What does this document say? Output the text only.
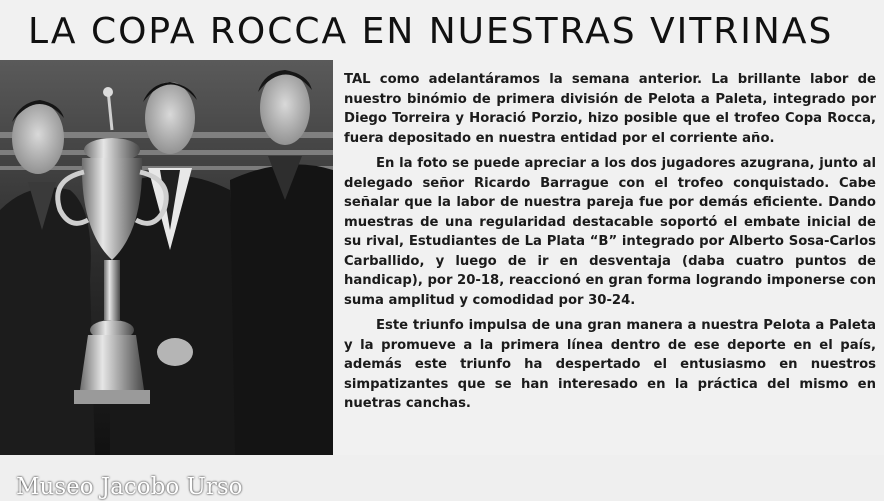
LA COPA ROCCA EN NUESTRAS VITRINAS
Museo Jacobo Urso

TAL como adelantáramos la semana anterior. La brillante labor de nuestro binómio de primera división de Pelota a Paleta, integrado por Diego Torreira y Horació Porzio, hizo posible que el trofeo Copa Rocca, fuera depositado en nuestra entidad por el corriente año.

En la foto se puede apreciar a los dos jugadores azugrana, junto al delegado señor Ricardo Barrague con el trofeo conquistado. Cabe señalar que la labor de nuestra pareja fue por demás eficiente. Dando muestras de una regularidad destacable soportó el embate inicial de su rival, Estudiantes de La Plata “B” integrado por Alberto Sosa-Carlos Carballido, y luego de ir en desventaja (daba cuatro puntos de handicap), por 20-18, reaccionó en gran forma logrando imponerse con suma amplitud y comodidad por 30-24.

Este triunfo impulsa de una gran manera a nuestra Pelota a Paleta y la promueve a la primera línea dentro de ese deporte en el país, además este triunfo ha despertado el entusiasmo en nuestros simpatizantes que se han interesado en la práctica del mismo en nuetras canchas.
